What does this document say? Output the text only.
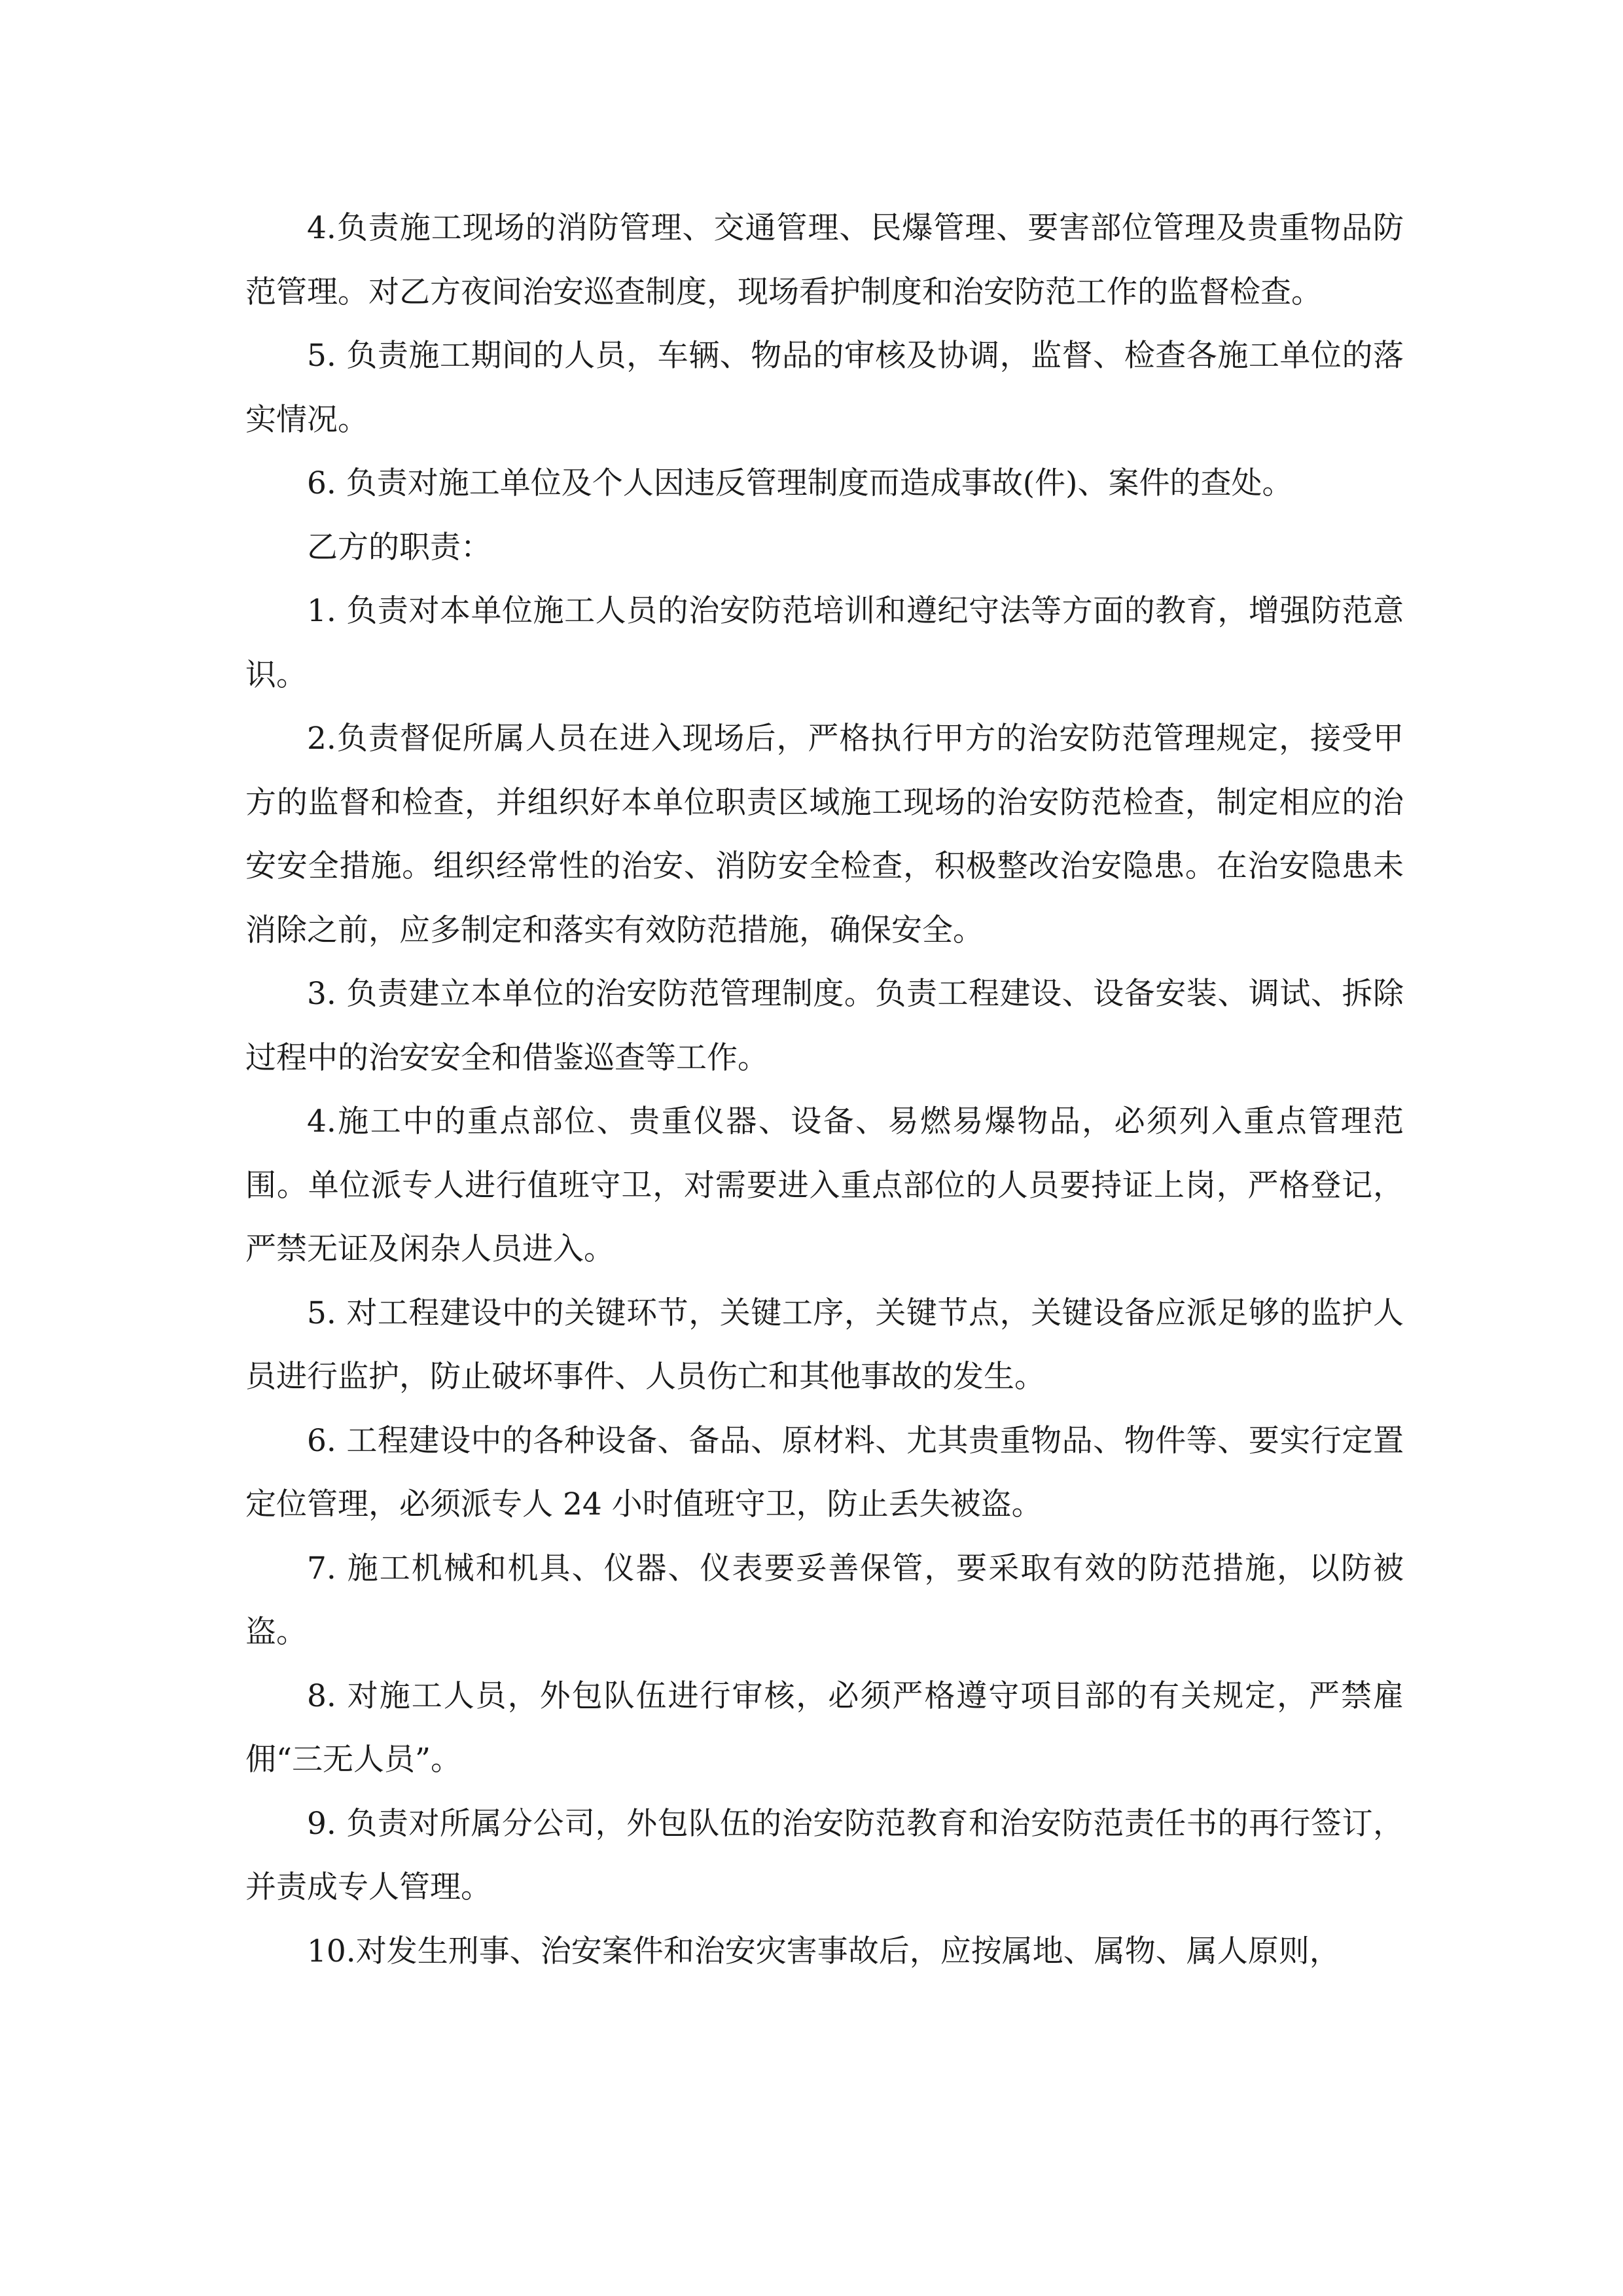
4.负责施工现场的消防管理、交通管理、民爆管理、要害部位管理及贵重物品防范管理。对乙方夜间治安巡查制度，现场看护制度和治安防范工作的监督检查。

5. 负责施工期间的人员，车辆、物品的审核及协调，监督、检查各施工单位的落实情况。

6. 负责对施工单位及个人因违反管理制度而造成事故(件)、案件的查处。

乙方的职责：

1. 负责对本单位施工人员的治安防范培训和遵纪守法等方面的教育，增强防范意识。

2.负责督促所属人员在进入现场后，严格执行甲方的治安防范管理规定，接受甲方的监督和检查，并组织好本单位职责区域施工现场的治安防范检查，制定相应的治安安全措施。组织经常性的治安、消防安全检查，积极整改治安隐患。在治安隐患未消除之前，应多制定和落实有效防范措施，确保安全。

3. 负责建立本单位的治安防范管理制度。负责工程建设、设备安装、调试、拆除过程中的治安安全和借鉴巡查等工作。

4.施工中的重点部位、贵重仪器、设备、易燃易爆物品，必须列入重点管理范围。单位派专人进行值班守卫，对需要进入重点部位的人员要持证上岗，严格登记，严禁无证及闲杂人员进入。

5. 对工程建设中的关键环节，关键工序，关键节点，关键设备应派足够的监护人员进行监护，防止破坏事件、人员伤亡和其他事故的发生。

6. 工程建设中的各种设备、备品、原材料、尤其贵重物品、物件等、要实行定置定位管理，必须派专人 24 小时值班守卫，防止丢失被盗。

7. 施工机械和机具、仪器、仪表要妥善保管，要采取有效的防范措施，以防被盗。

8. 对施工人员，外包队伍进行审核，必须严格遵守项目部的有关规定，严禁雇佣“三无人员”。

9. 负责对所属分公司，外包队伍的治安防范教育和治安防范责任书的再行签订，并责成专人管理。

10.对发生刑事、治安案件和治安灾害事故后，应按属地、属物、属人原则，
